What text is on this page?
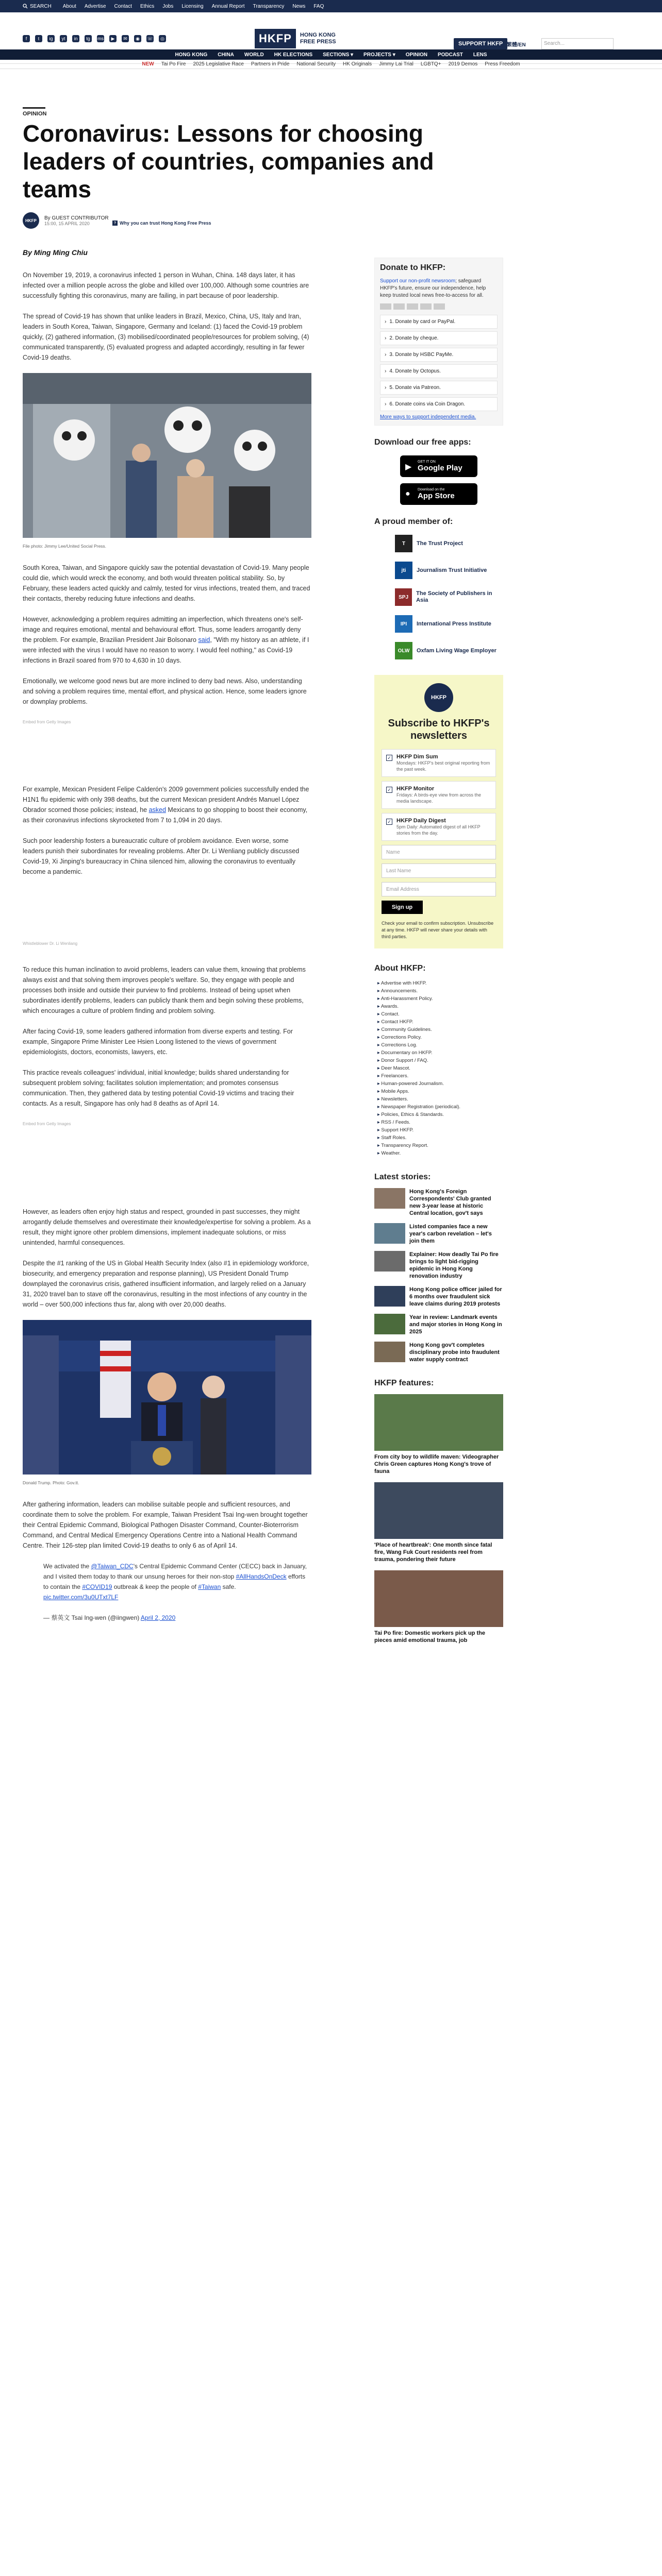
SEARCH About Advertise Contact Ethics Jobs Licensing Annual Report Transparency News FAQ
f	t	ig	yt	in	tg	ms	▶	✉	◉	☏	◎	HKFP	HONG KONG
FREE PRESS	SUPPORT HKFP 繁體/EN	Search...
HONG KONG CHINA WORLD HK ELECTIONS SECTIONS ▾ PROJECTS ▾ OPINION PODCAST LENS
NEW Tai Po Fire 2025 Legislative Race Partners in Pride National Security HK Originals Jimmy Lai Trial LGBTQ+ 2019 Demos Press Freedom
OPINION
Coronavirus: Lessons for choosing leaders of countries, companies and teams
HKFP	By GUEST CONTRIBUTOR
15:00, 15 APRIL 2020	? Why you can trust Hong Kong Free Press
By Ming Ming Chiu

On November 19, 2019, a coronavirus infected 1 person in Wuhan, China. 148 days later, it has infected over a million people across the globe and killed over 100,000. Although some countries are successfully fighting this coronavirus, many are failing, in part because of poor leadership.

The spread of Covid-19 has shown that unlike leaders in Brazil, Mexico, China, US, Italy and Iran, leaders in South Korea, Taiwan, Singapore, Germany and Iceland: (1) faced the Covid-19 problem quickly, (2) gathered information, (3) mobilised/coordinated people/resources for problem solving, (4) communicated transparently, (5) evaluated progress and adapted accordingly, resulting in far fewer Covid-19 deaths.

File photo: Jimmy Lee/United Social Press.

South Korea, Taiwan, and Singapore quickly saw the potential devastation of Covid-19. Many people could die, which would wreck the economy, and both would threaten political stability. So, by February, these leaders acted quickly and calmly, tested for virus infections, treated them, and traced their contacts, thereby reducing future infections and deaths.

However, acknowledging a problem requires admitting an imperfection, which threatens one's self-image and requires emotional, mental and behavioural effort. Thus, some leaders arrogantly deny the problem. For example, Brazilian President Jair Bolsonaro said, "With my history as an athlete, if I were infected with the virus I would have no reason to worry. I would feel nothing," as Covid-19 infections in Brazil soared from 970 to 4,630 in 10 days.

Emotionally, we welcome good news but are more inclined to deny bad news. Also, understanding and solving a problem requires time, mental effort, and physical action. Hence, some leaders ignore or downplay problems.

Embed from Getty Images

For example, Mexican President Felipe Calderón's 2009 government policies successfully ended the H1N1 flu epidemic with only 398 deaths, but the current Mexican president Andrés Manuel López Obrador scorned those policies; instead, he asked Mexicans to go shopping to boost their economy, as their coronavirus infections skyrocketed from 7 to 1,094 in 20 days.

Such poor leadership fosters a bureaucratic culture of problem avoidance. Even worse, some leaders punish their subordinates for revealing problems. After Dr. Li Wenliang publicly discussed Covid-19, Xi Jinping's bureaucracy in China silenced him, allowing the coronavirus to eventually become a pandemic.

Whistleblower Dr. Li Wenliang

To reduce this human inclination to avoid problems, leaders can value them, knowing that problems always exist and that solving them improves people's welfare. So, they engage with people and processes both inside and outside their purview to find problems. Instead of being upset when subordinates identify problems, leaders can publicly thank them and begin solving these problems, which encourages a culture of problem finding and problem solving.

After facing Covid-19, some leaders gathered information from diverse experts and testing. For example, Singapore Prime Minister Lee Hsien Loong listened to the views of government epidemiologists, doctors, economists, lawyers, etc.

This practice reveals colleagues' individual, initial knowledge; builds shared understanding for subsequent problem solving; facilitates solution implementation; and promotes consensus communication. Then, they gathered data by testing potential Covid-19 victims and tracing their contacts. As a result, Singapore has only had 8 deaths as of April 14.

Embed from Getty Images

However, as leaders often enjoy high status and respect, grounded in past successes, they might arrogantly delude themselves and overestimate their knowledge/expertise for solving a problem. As a result, they might ignore other problem dimensions, implement inadequate solutions, or miss unintended, harmful consequences.

Despite the #1 ranking of the US in Global Health Security Index (also #1 in epidemiology workforce, biosecurity, and emergency preparation and response planning), US President Donald Trump downplayed the coronavirus crisis, gathered insufficient information, and largely relied on a January 31, 2020 travel ban to stave off the coronavirus, resulting in the most infections of any country in the world – over 500,000 infections thus far, along with over 20,000 deaths.

Donald Trump. Photo: Gov.tt.

After gathering information, leaders can mobilise suitable people and sufficient resources, and coordinate them to solve the problem. For example, Taiwan President Tsai Ing-wen brought together their Central Epidemic Command, Biological Pathogen Disaster Command, Counter-Bioterrorism Command, and Central Medical Emergency Operations Centre into a National Health Command Centre. Their 126-step plan limited Covid-19 deaths to only 6 as of April 14.

We activated the @Taiwan_CDC's Central Epidemic Command Center (CECC) back in January, and I visited them today to thank our unsung heroes for their non-stop #AllHandsOnDeck efforts to contain the #COVID19 outbreak & keep the people of #Taiwan safe. pic.twitter.com/3u0UTxt7LF

— 蔡英文 Tsai Ing-wen (@iingwen) April 2, 2020

Donate to HKFP:

Support our non-profit newsroom; safeguard HKFP's future, ensure our independence, help keep trusted local news free-to-access for all.

› 1. Donate by card or PayPal.
› 2. Donate by cheque.
› 3. Donate by HSBC PayMe.
› 4. Donate by Octopus.
› 5. Donate via Patreon.
› 6. Donate coins via Coin Dragon.
More ways to support independent media.
Download our free apps:
▶
GET IT ON
Google Play
● Download on the
App Store
A proud member of:
T	The Trust Project
jti	Journalism Trust Initiative
SPJ
The Society of Publishers in Asia
IPI	International Press Institute
OLW	Oxfam Living Wage Employer
HKFP
Subscribe to HKFP's newsletters
✓ HKFP Dim Sum
Mondays: HKFP's best original reporting from the past week.
✓ HKFP Monitor
Fridays: A birds-eye view from across the media landscape.
✓ HKFP Daily Digest
5pm Daily: Automated digest of all HKFP stories from the day.
Name
Last Name
Email Address
Sign up
Check your email to confirm subscription. Unsubscribe at any time. HKFP will never share your details with third parties.
About HKFP:
▸ Advertise with HKFP.
▸ Announcements.
▸ Anti-Harassment Policy.
▸ Awards.
▸ Contact.
▸ Contact HKFP.
▸ Community Guidelines.
▸ Corrections Policy.
▸ Corrections Log.
▸ Documentary on HKFP.
▸ Donor Support / FAQ.
▸ Deer Mascot.
▸ Freelancers.
▸ Human-powered Journalism.
▸ Mobile Apps.
▸ Newsletters.
▸ Newspaper Registration (periodical).
▸ Policies, Ethics & Standards.
▸ RSS / Feeds.
▸ Support HKFP.
▸ Staff Roles.
▸ Transparency Report.
▸ Weather.
Latest stories:
Hong Kong's Foreign Correspondents' Club granted new 3-year lease at historic Central location, gov't says
Listed companies face a new year's carbon revelation – let's join them
Explainer: How deadly Tai Po fire brings to light bid-rigging epidemic in Hong Kong renovation industry
Hong Kong police officer jailed for 6 months over fraudulent sick leave claims during 2019 protests
Year in review: Landmark events and major stories in Hong Kong in 2025
Hong Kong gov't completes disciplinary probe into fraudulent water supply contract
HKFP features:
From city boy to wildlife maven: Videographer Chris Green captures Hong Kong's trove of fauna
'Place of heartbreak': One month since fatal fire, Wang Fuk Court residents reel from trauma, pondering their future
Tai Po fire: Domestic workers pick up the pieces amid emotional trauma, job
